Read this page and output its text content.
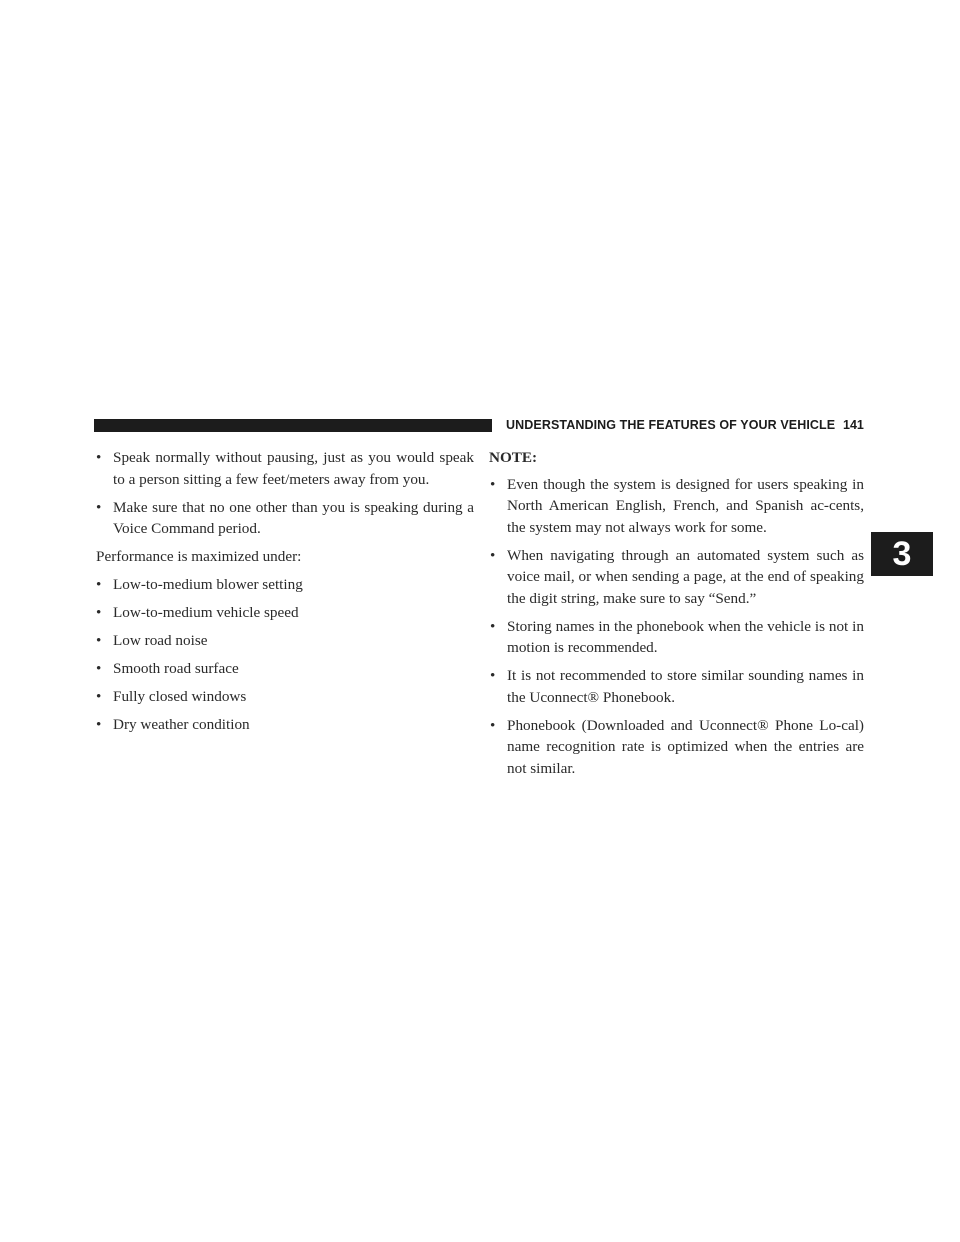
UNDERSTANDING THE FEATURES OF YOUR VEHICLE 141
3
• Speak normally without pausing, just as you would speak to a person sitting a few feet/meters away from you.
• Make sure that no one other than you is speaking during a Voice Command period.

Performance is maximized under:

• Low-to-medium blower setting
• Low-to-medium vehicle speed
• Low road noise
• Smooth road surface
• Fully closed windows
• Dry weather condition

NOTE:

• Even though the system is designed for users speaking in North American English, French, and Spanish ac-cents, the system may not always work for some.
• When navigating through an automated system such as voice mail, or when sending a page, at the end of speaking the digit string, make sure to say “Send.”
• Storing names in the phonebook when the vehicle is not in motion is recommended.
• It is not recommended to store similar sounding names in the Uconnect® Phonebook.
• Phonebook (Downloaded and Uconnect® Phone Lo-cal) name recognition rate is optimized when the entries are not similar.
